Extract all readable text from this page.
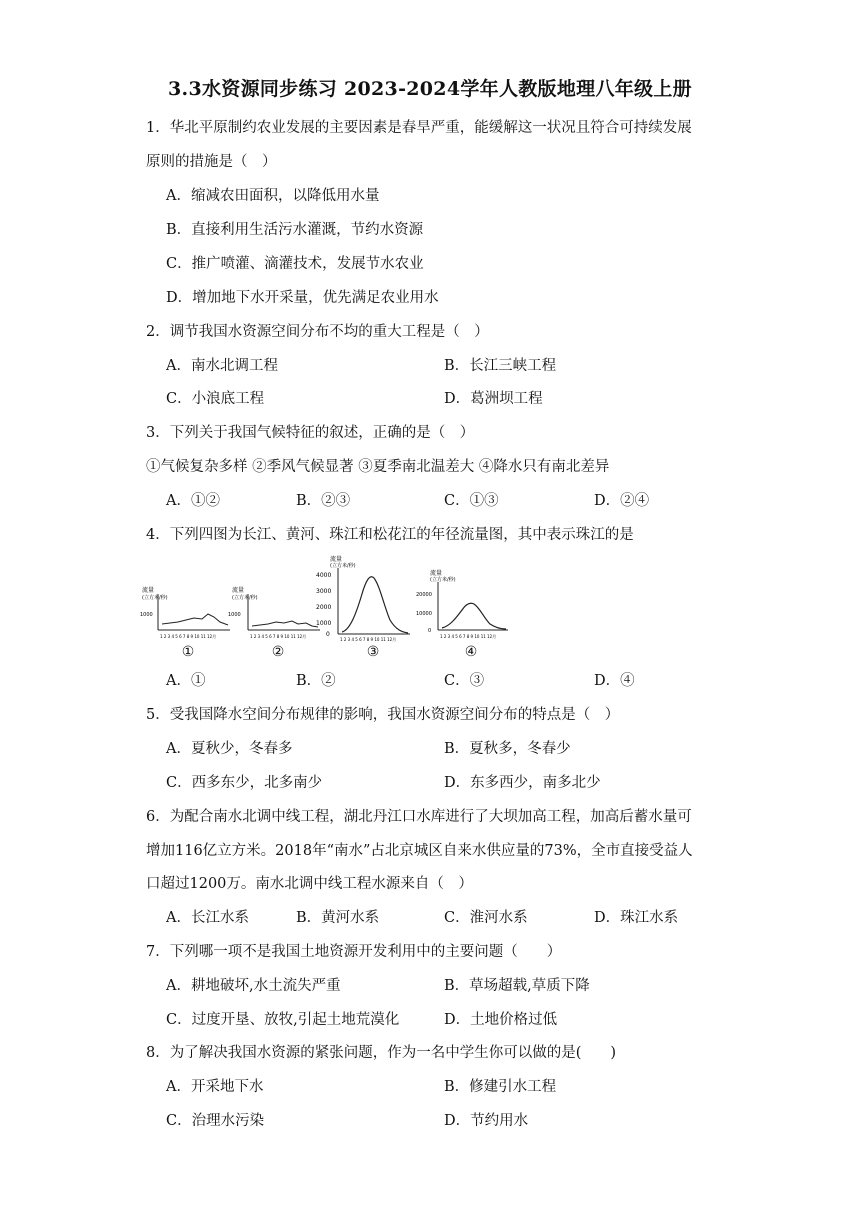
3.3水资源同步练习 2023-2024学年人教版地理八年级上册
1．华北平原制约农业发展的主要因素是春旱严重，能缓解这一状况且符合可持续发展
原则的措施是（　）
A．缩减农田面积，以降低用水量
B．直接利用生活污水灌溉，节约水资源
C．推广喷灌、滴灌技术，发展节水农业
D．增加地下水开采量，优先满足农业用水
2．调节我国水资源空间分布不均的重大工程是（　）
A．南水北调工程	B．长江三峡工程
C．小浪底工程	D．葛洲坝工程
3．下列关于我国气候特征的叙述，正确的是（　）
①气候复杂多样 ②季风气候显著 ③夏季南北温差大 ④降水只有南北差异
A．①②	B．②③	C．①③	D．②④
4．下列四图为长江、黄河、珠江和松花江的年径流量图，其中表示珠江的是
流量
(立方米/秒)
1000
1 2 3 4 5 6 7 8 9 10 11 12月
①
流量
(立方米/秒)
1000
1 2 3 4 5 6 7 8 9 10 11 12月
②
流量
(立方米/秒)
4000
3000
2000
1000
0
1 2 3 4 5 6 7 8 9 10 11 12月
③
流量
(立方米/秒)
20000
10000
0
1 2 3 4 5 6 7 8 9 10 11 12月
④
A．①	B．②	C．③	D．④
5．受我国降水空间分布规律的影响，我国水资源空间分布的特点是（　）
A．夏秋少，冬春多	B．夏秋多，冬春少
C．西多东少，北多南少	D．东多西少，南多北少
6．为配合南水北调中线工程，湖北丹江口水库进行了大坝加高工程，加高后蓄水量可
增加116亿立方米。2018年“南水”占北京城区自来水供应量的73%，全市直接受益人
口超过1200万。南水北调中线工程水源来自（　）
A．长江水系	B．黄河水系	C．淮河水系	D．珠江水系
7．下列哪一项不是我国土地资源开发利用中的主要问题（　　）
A．耕地破坏,水土流失严重	B．草场超载,草质下降
C．过度开垦、放牧,引起土地荒漠化	D．土地价格过低
8．为了解决我国水资源的紧张问题，作为一名中学生你可以做的是(　　)
A．开采地下水	B．修建引水工程
C．治理水污染	D．节约用水
